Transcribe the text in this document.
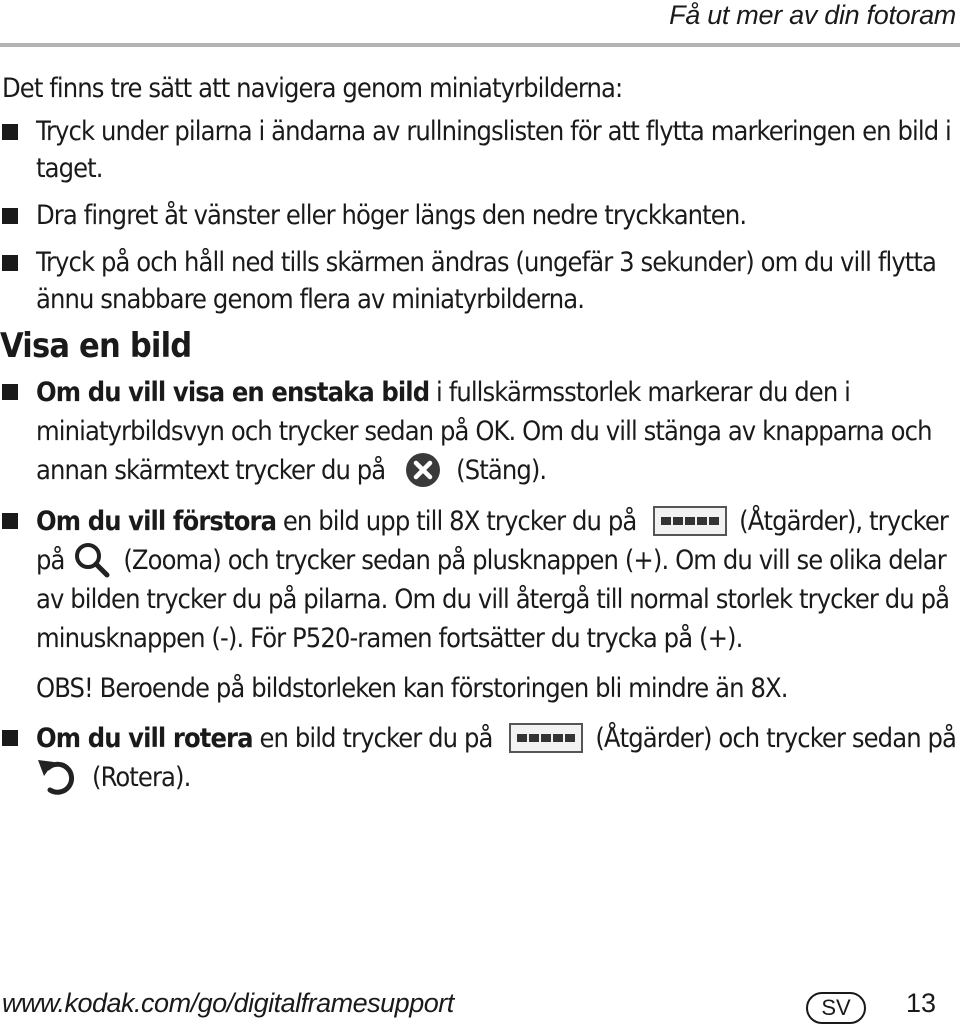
Få ut mer av din fotoram

Det finns tre sätt att navigera genom miniatyrbilderna:

Tryck under pilarna i ändarna av rullningslisten för att flytta markeringen en bild i taget.
Dra fingret åt vänster eller höger längs den nedre tryckkanten.
Tryck på och håll ned tills skärmen ändras (ungefär 3 sekunder) om du vill flytta ännu snabbare genom flera av miniatyrbilderna.
Visa en bild
Om du vill visa en enstaka bild i fullskärmsstorlek markerar du den i miniatyrbildsvyn och trycker sedan på OK. Om du vill stänga av knapparna och annan skärmtext trycker du på	(Stäng).
Om du vill förstora en bild upp till 8X trycker du på	(Åtgärder), trycker på (Zooma) och trycker sedan på plusknappen (+). Om du vill se olika delar av bilden trycker du på pilarna. Om du vill återgå till normal storlek trycker du på minusknappen (-). För P520-ramen fortsätter du trycka på (+).

OBS! Beroende på bildstorleken kan förstoringen bli mindre än 8X.

Om du vill rotera en bild trycker du på	(Åtgärder) och trycker sedan på (Rotera).
www.kodak.com/go/digitalframesupport	SV	13
